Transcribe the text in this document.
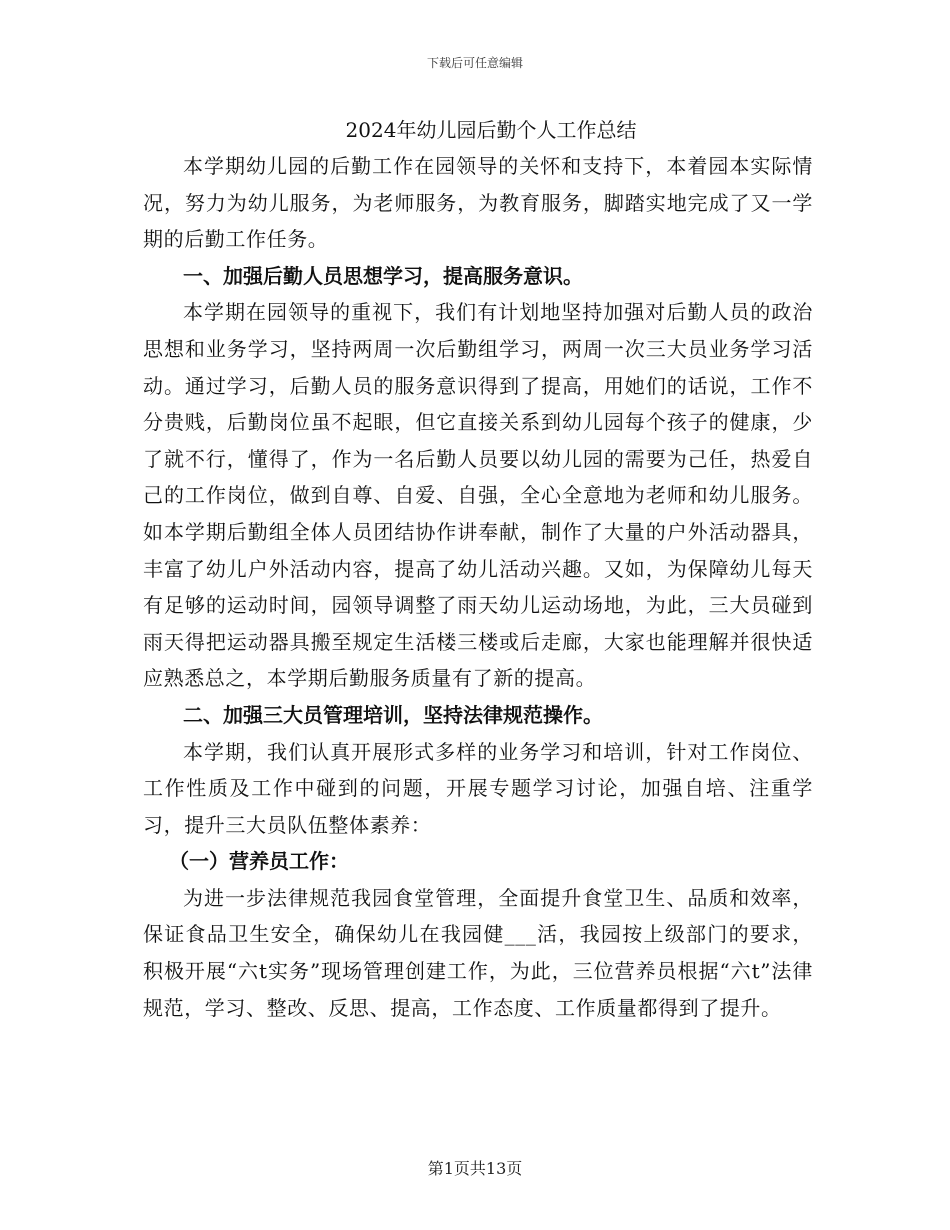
下载后可任意编辑
2024年幼儿园后勤个人工作总结

本学期幼儿园的后勤工作在园领导的关怀和支持下，本着园本实际情况，努力为幼儿服务，为老师服务，为教育服务，脚踏实地完成了又一学期的后勤工作任务。

一、加强后勤人员思想学习，提高服务意识。

本学期在园领导的重视下，我们有计划地坚持加强对后勤人员的政治思想和业务学习，坚持两周一次后勤组学习，两周一次三大员业务学习活动。通过学习，后勤人员的服务意识得到了提高，用她们的话说，工作不分贵贱，后勤岗位虽不起眼，但它直接关系到幼儿园每个孩子的健康，少了就不行，懂得了，作为一名后勤人员要以幼儿园的需要为己任，热爱自己的工作岗位，做到自尊、自爱、自强，全心全意地为老师和幼儿服务。如本学期后勤组全体人员团结协作讲奉献，制作了大量的户外活动器具，丰富了幼儿户外活动内容，提高了幼儿活动兴趣。又如，为保障幼儿每天有足够的运动时间，园领导调整了雨天幼儿运动场地，为此，三大员碰到雨天得把运动器具搬至规定生活楼三楼或后走廊，大家也能理解并很快适应熟悉总之，本学期后勤服务质量有了新的提高。

二、加强三大员管理培训，坚持法律规范操作。

本学期，我们认真开展形式多样的业务学习和培训，针对工作岗位、工作性质及工作中碰到的问题，开展专题学习讨论，加强自培、注重学习，提升三大员队伍整体素养：

（一）营养员工作：

为进一步法律规范我园食堂管理，全面提升食堂卫生、品质和效率，保证食品卫生安全，确保幼儿在我园健___活，我园按上级部门的要求，积极开展“六t实务”现场管理创建工作，为此，三位营养员根据“六t”法律规范，学习、整改、反思、提高，工作态度、工作质量都得到了提升。

第1页共13页
